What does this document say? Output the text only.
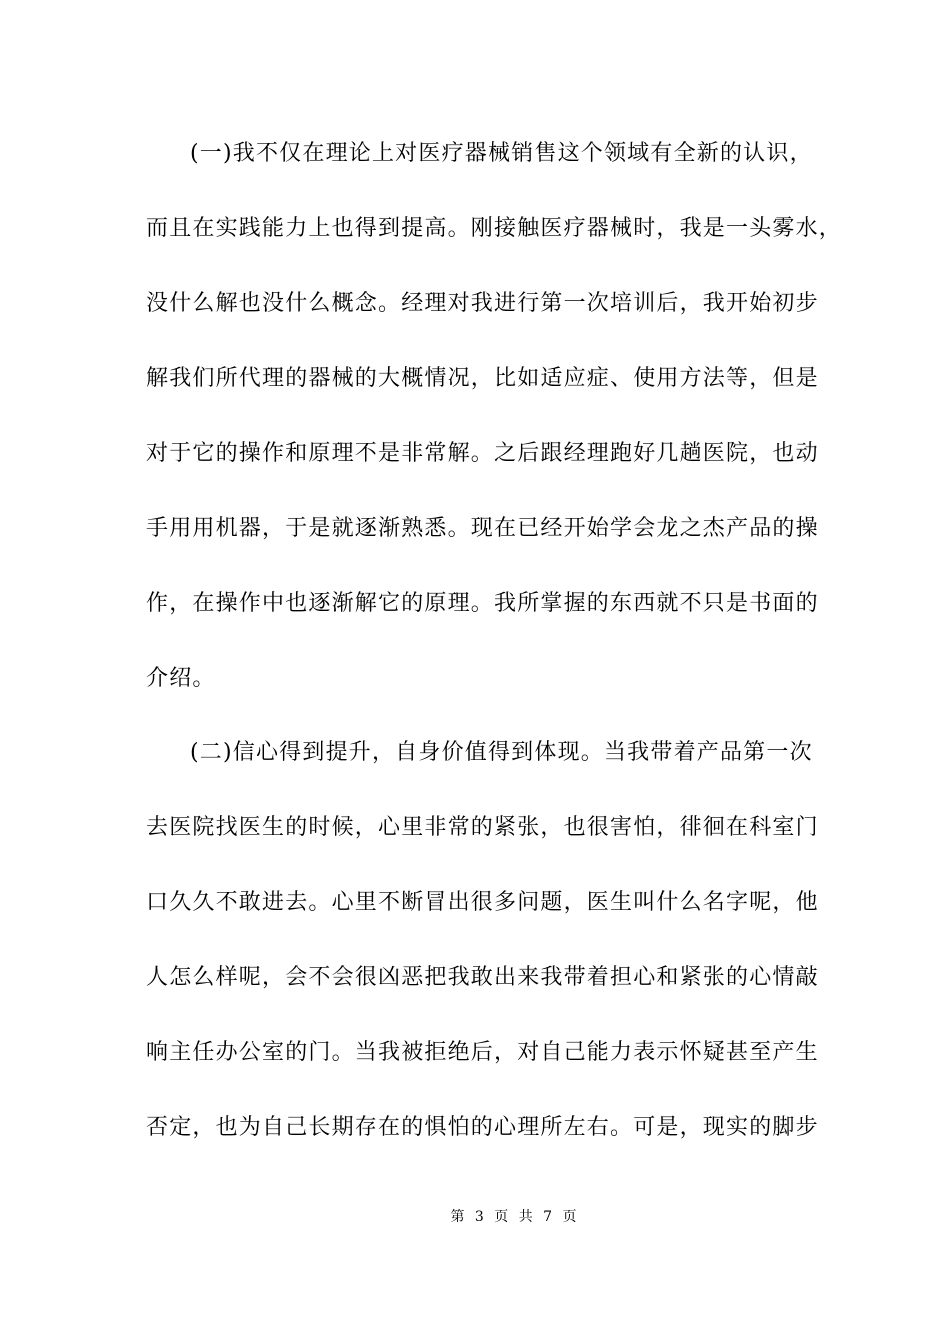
(一)我不仅在理论上对医疗器械销售这个领域有全新的认识，
而且在实践能力上也得到提高。刚接触医疗器械时，我是一头雾水，
没什么解也没什么概念。经理对我进行第一次培训后，我开始初步
解我们所代理的器械的大概情况，比如适应症、使用方法等，但是
对于它的操作和原理不是非常解。之后跟经理跑好几趟医院，也动
手用用机器，于是就逐渐熟悉。现在已经开始学会龙之杰产品的操
作，在操作中也逐渐解它的原理。我所掌握的东西就不只是书面的
介绍。
(二)信心得到提升，自身价值得到体现。当我带着产品第一次
去医院找医生的时候，心里非常的紧张，也很害怕，徘徊在科室门
口久久不敢进去。心里不断冒出很多问题，医生叫什么名字呢，他
人怎么样呢，会不会很凶恶把我敢出来我带着担心和紧张的心情敲
响主任办公室的门。当我被拒绝后，对自己能力表示怀疑甚至产生
否定，也为自己长期存在的惧怕的心理所左右。可是，现实的脚步
第 3 页 共 7 页
